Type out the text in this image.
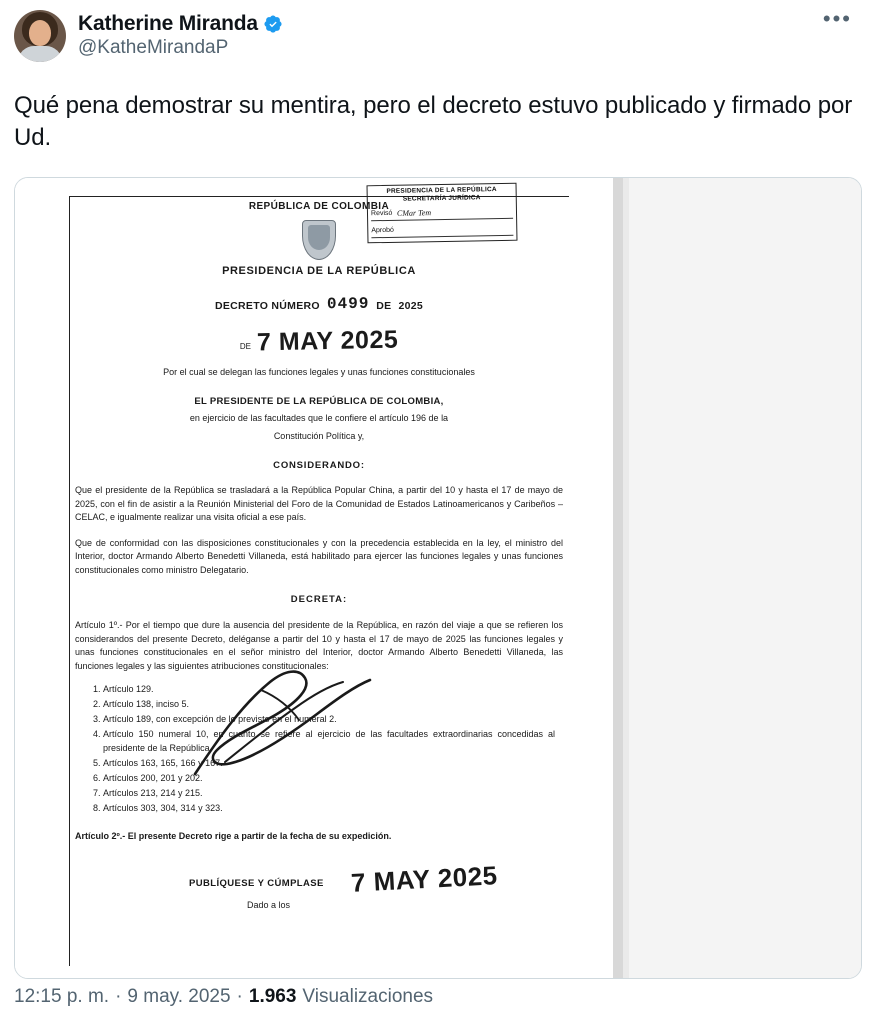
Katherine Miranda
@KatheMirandaP
•••
Qué pena demostrar su mentira, pero el decreto estuvo publicado y firmado por Ud.
PRESIDENCIA DE LA REPÚBLICA
SECRETARÍA JURÍDICA
Revisó CMar Tem
Aprobó
REPÚBLICA DE COLOMBIA
PRESIDENCIA DE LA REPÚBLICA
DECRETO NÚMERO 0499 DE 2025
DE 7 MAY 2025
Por el cual se delegan las funciones legales y unas funciones constitucionales
EL PRESIDENTE DE LA REPÚBLICA DE COLOMBIA,
en ejercicio de las facultades que le confiere el artículo 196 de la
Constitución Política y,
CONSIDERANDO:

Que el presidente de la República se trasladará a la República Popular China, a partir del 10 y hasta el 17 de mayo de 2025, con el fin de asistir a la Reunión Ministerial del Foro de la Comunidad de Estados Latinoamericanos y Caribeños – CELAC, e igualmente realizar una visita oficial a ese país.

Que de conformidad con las disposiciones constitucionales y con la precedencia establecida en la ley, el ministro del Interior, doctor Armando Alberto Benedetti Villaneda, está habilitado para ejercer las funciones legales y unas funciones constitucionales como ministro Delegatario.

DECRETA:

Artículo 1º.- Por el tiempo que dure la ausencia del presidente de la República, en razón del viaje a que se refieren los considerandos del presente Decreto, deléganse a partir del 10 y hasta el 17 de mayo de 2025 las funciones legales y unas funciones constitucionales en el señor ministro del Interior, doctor Armando Alberto Benedetti Villaneda, las funciones legales y las siguientes atribuciones constitucionales:

1. Artículo 129.
2. Artículo 138, inciso 5.
3. Artículo 189, con excepción de lo previsto en el numeral 2.
4. Artículo 150 numeral 10, en cuanto se refiere al ejercicio de las facultades extraordinarias concedidas al presidente de la República.
5. Artículos 163, 165, 166 y 167.
6. Artículos 200, 201 y 202.
7. Artículos 213, 214 y 215.
8. Artículos 303, 304, 314 y 323.
Artículo 2º.- El presente Decreto rige a partir de la fecha de su expedición.
PUBLÍQUESE Y CÚMPLASE
Dado a los
7 MAY 2025
12:15 p. m. · 9 may. 2025 · 1.963 Visualizaciones
